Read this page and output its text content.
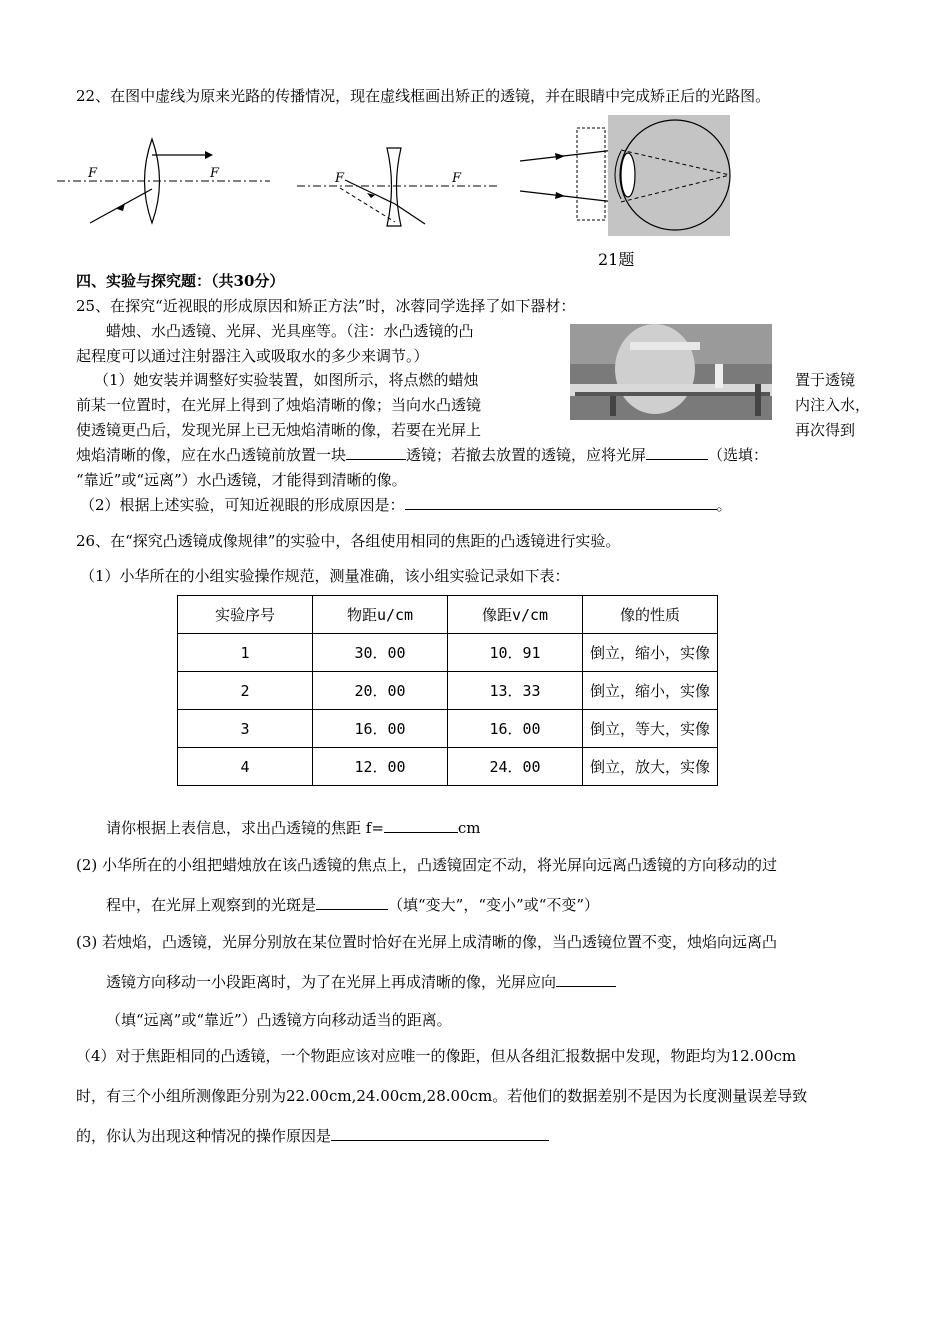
22、在图中虚线为原来光路的传播情况，现在虚线框画出矫正的透镜，并在眼睛中完成矫正后的光路图。
F	F	F	F
21题
四、实验与探究题：（共30分）
25、在探究“近视眼的形成原因和矫正方法”时，冰蓉同学选择了如下器材：
蜡烛、水凸透镜、光屏、光具座等。（注：水凸透镜的凸
起程度可以通过注射器注入或吸取水的多少来调节。）
（1）她安装并调整好实验装置，如图所示，将点燃的蜡烛	置于透镜
前某一位置时，在光屏上得到了烛焰清晰的像；当向水凸透镜	内注入水，
使透镜更凸后，发现光屏上已无烛焰清晰的像，若要在光屏上	再次得到
烛焰清晰的像，应在水凸透镜前放置一块	透镜；若撤去放置的透镜，应将光屏	（选填：
“靠近”或“远离”）水凸透镜，才能得到清晰的像。
（2）根据上述实验，可知近视眼的形成原因是：	。
26、在“探究凸透镜成像规律”的实验中，各组使用相同的焦距的凸透镜进行实验。
（1）小华所在的小组实验操作规范，测量准确，该小组实验记录如下表：
实验序号	物距u/cm	像距v/cm	像的性质
1	30．00	10．91	倒立，缩小，实像
2	20．00	13．33	倒立，缩小，实像
3	16．00	16．00	倒立，等大，实像
4	12．00	24．00	倒立，放大，实像
请你根据上表信息，求出凸透镜的焦距 f=	cm
(2) 小华所在的小组把蜡烛放在该凸透镜的焦点上，凸透镜固定不动，将光屏向远离凸透镜的方向移动的过
程中，在光屏上观察到的光斑是	（填“变大”，“变小”或“不变”）
(3) 若烛焰，凸透镜，光屏分别放在某位置时恰好在光屏上成清晰的像，当凸透镜位置不变，烛焰向远离凸
透镜方向移动一小段距离时，为了在光屏上再成清晰的像，光屏应向
（填“远离”或“靠近”）凸透镜方向移动适当的距离。
（4）对于焦距相同的凸透镜，一个物距应该对应唯一的像距，但从各组汇报数据中发现，物距均为12.00cm
时，有三个小组所测像距分别为22.00cm,24.00cm,28.00cm。若他们的数据差别不是因为长度测量误差导致
的，你认为出现这种情况的操作原因是
